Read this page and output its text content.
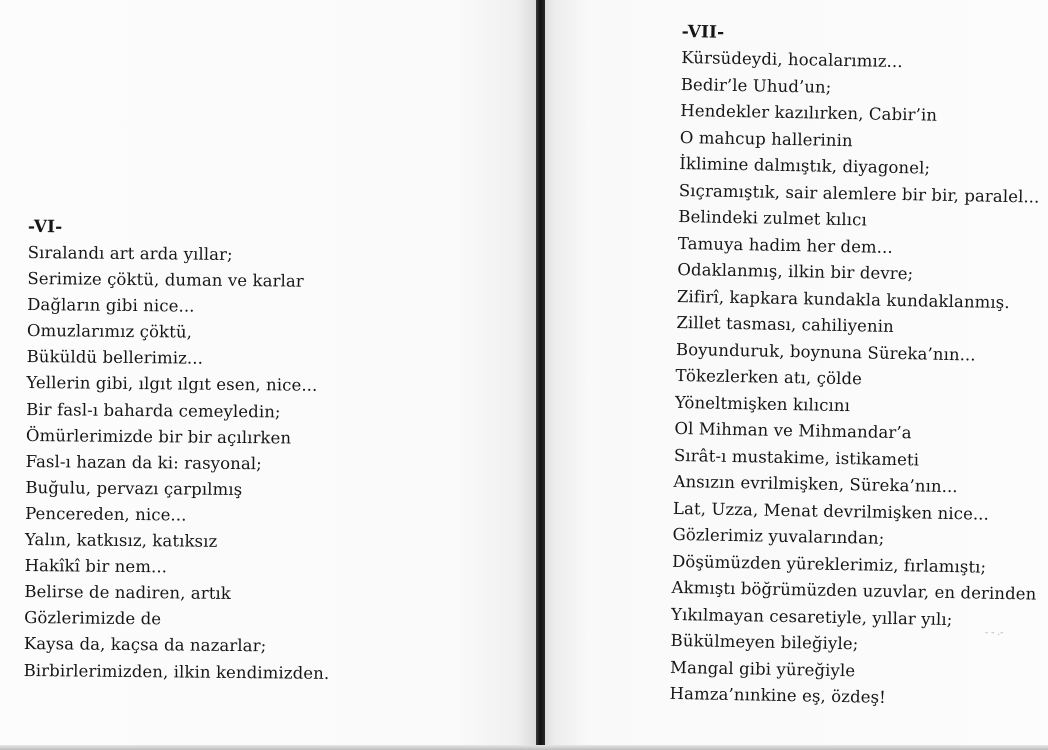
-VI-
Sıralandı art arda yıllar;
Serimize çöktü, duman ve karlar
Dağların gibi nice...
Omuzlarımız çöktü,
Büküldü bellerimiz...
Yellerin gibi, ılgıt ılgıt esen, nice...
Bir fasl-ı baharda cemeyledin;
Ömürlerimizde bir bir açılırken
Fasl-ı hazan da ki: rasyonal;
Buğulu, pervazı çarpılmış
Pencereden, nice...
Yalın, katkısız, katıksız
Hakîkî bir nem...
Belirse de nadiren, artık
Gözlerimizde de
Kaysa da, kaçsa da nazarlar;
Birbirlerimizden, ilkin kendimizden.
-VII-
Kürsüdeydi, hocalarımız...
Bedir’le Uhud’un;
Hendekler kazılırken, Cabir’in
O mahcup hallerinin
İklimine dalmıştık, diyagonel;
Sıçramıştık, sair alemlere bir bir, paralel...
Belindeki zulmet kılıcı
Tamuya hadim her dem...
Odaklanmış, ilkin bir devre;
Zifirî, kapkara kundakla kundaklanmış.
Zillet tasması, cahiliyenin
Boyunduruk, boynuna Süreka’nın...
Tökezlerken atı, çölde
Yöneltmişken kılıcını
Ol Mihman ve Mihmandar’a
Sırât-ı mustakime, istikameti
Ansızın evrilmişken, Süreka’nın...
Lat, Uzza, Menat devrilmişken nice...
Gözlerimiz yuvalarından;
Döşümüzden yüreklerimiz, fırlamıştı;
Akmıştı böğrümüzden uzuvlar, en derinden
Yıkılmayan cesaretiyle, yıllar yılı;
Bükülmeyen bileğiyle;
Mangal gibi yüreğiyle
Hamza’nınkine eş, özdeş!
- - .-
